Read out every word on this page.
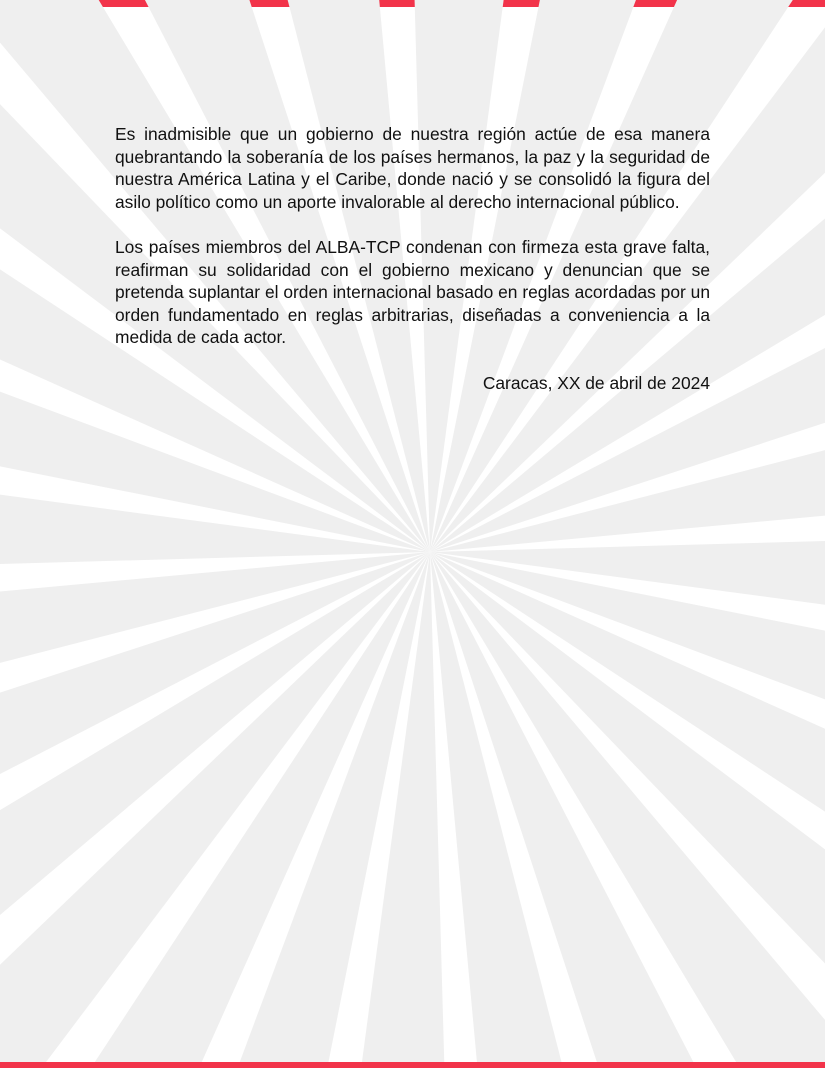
Es inadmisible que un gobierno de nuestra región actúe de esa manera quebrantando la soberanía de los países hermanos, la paz y la seguridad de nuestra América Latina y el Caribe, donde nació y se consolidó la figura del asilo político como un aporte invalorable al derecho internacional público.

Los países miembros del ALBA-TCP condenan con firmeza esta grave falta, reafirman su solidaridad con el gobierno mexicano y denuncian que se pretenda suplantar el orden internacional basado en reglas acordadas por un orden fundamentado en reglas arbitrarias, diseñadas a conveniencia a la medida de cada actor.

Caracas, XX de abril de 2024
